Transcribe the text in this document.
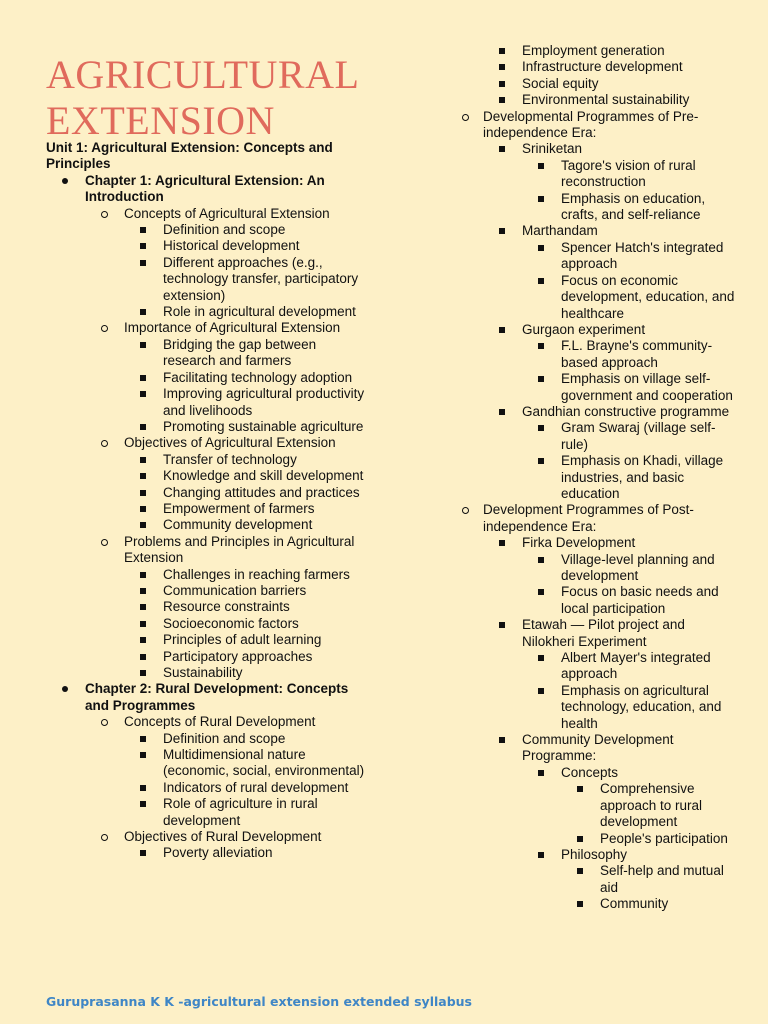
AGRICULTURAL
EXTENSION
Unit 1: Agricultural Extension: Concepts and Principles
Chapter 1: Agricultural Extension: An Introduction
Concepts of Agricultural Extension
Definition and scope
Historical development
Different approaches (e.g., technology transfer, participatory extension)
Role in agricultural development
Importance of Agricultural Extension
Bridging the gap between research and farmers
Facilitating technology adoption
Improving agricultural productivity and livelihoods
Promoting sustainable agriculture
Objectives of Agricultural Extension
Transfer of technology
Knowledge and skill development
Changing attitudes and practices
Empowerment of farmers
Community development
Problems and Principles in Agricultural Extension
Challenges in reaching farmers
Communication barriers
Resource constraints
Socioeconomic factors
Principles of adult learning
Participatory approaches
Sustainability
Chapter 2: Rural Development: Concepts and Programmes
Concepts of Rural Development
Definition and scope
Multidimensional nature (economic, social, environmental)
Indicators of rural development
Role of agriculture in rural development
Objectives of Rural Development
Poverty alleviation
Employment generation
Infrastructure development
Social equity
Environmental sustainability
Developmental Programmes of Pre-independence Era:
Sriniketan
Tagore's vision of rural reconstruction
Emphasis on education, crafts, and self-reliance
Marthandam
Spencer Hatch's integrated approach
Focus on economic development, education, and healthcare
Gurgaon experiment
F.L. Brayne's community-based approach
Emphasis on village self-government and cooperation
Gandhian constructive programme
Gram Swaraj (village self-rule)
Emphasis on Khadi, village industries, and basic education
Development Programmes of Post-independence Era:
Firka Development
Village-level planning and development
Focus on basic needs and local participation
Etawah — Pilot project and Nilokheri Experiment
Albert Mayer's integrated approach
Emphasis on agricultural technology, education, and health
Community Development Programme:
Concepts
Comprehensive approach to rural development
People's participation
Philosophy
Self-help and mutual aid
Community
Guruprasanna K K -agricultural extension extended syllabus
